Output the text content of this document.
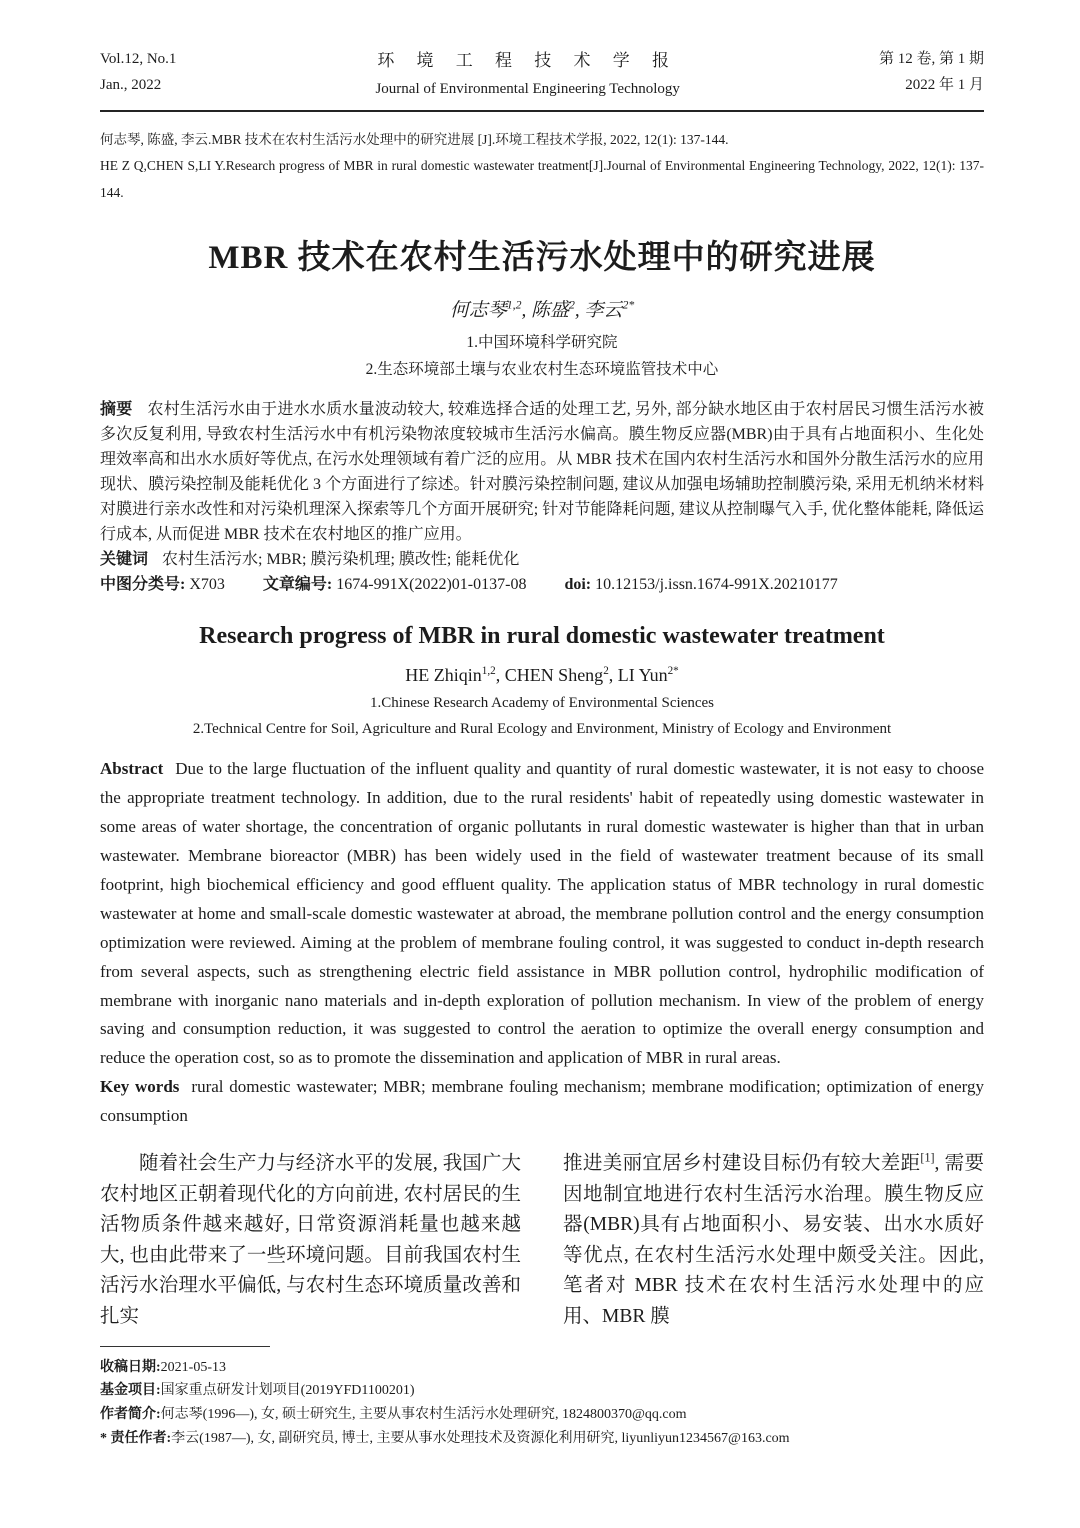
Vol.12, No.1
Jan., 2022
环 境 工 程 技 术 学 报
Journal of Environmental Engineering Technology
第 12 卷, 第 1 期
2022 年 1 月

何志琴, 陈盛, 李云.MBR 技术在农村生活污水处理中的研究进展 [J].环境工程技术学报, 2022, 12(1): 137-144.

HE Z Q,CHEN S,LI Y.Research progress of MBR in rural domestic wastewater treatment[J].Journal of Environmental Engineering Technology, 2022, 12(1): 137-144.

MBR 技术在农村生活污水处理中的研究进展
何志琴$^{1,2}$, 陈盛$^2$, 李云$^{2*}$
1.中国环境科学研究院
2.生态环境部土壤与农业农村生态环境监管技术中心
摘要 农村生活污水由于进水水质水量波动较大, 较难选择合适的处理工艺, 另外, 部分缺水地区由于农村居民习惯生活污水被多次反复利用, 导致农村生活污水中有机污染物浓度较城市生活污水偏高。膜生物反应器(MBR)由于具有占地面积小、生化处理效率高和出水水质好等优点, 在污水处理领域有着广泛的应用。从 MBR 技术在国内农村生活污水和国外分散生活污水的应用现状、膜污染控制及能耗优化 3 个方面进行了综述。针对膜污染控制问题, 建议从加强电场辅助控制膜污染, 采用无机纳米材料对膜进行亲水改性和对污染机理深入探索等几个方面开展研究; 针对节能降耗问题, 建议从控制曝气入手, 优化整体能耗, 降低运行成本, 从而促进 MBR 技术在农村地区的推广应用。
关键词 农村生活污水; MBR; 膜污染机理; 膜改性; 能耗优化
中图分类号: X703 文章编号: 1674-991X(2022)01-0137-08 doi: 10.12153/j.issn.1674-991X.20210177
Research progress of MBR in rural domestic wastewater treatment
HE Zhiqin$^{1,2}$, CHEN Sheng$^2$, LI Yun$^{2*}$
1.Chinese Research Academy of Environmental Sciences
2.Technical Centre for Soil, Agriculture and Rural Ecology and Environment, Ministry of Ecology and Environment
Abstract Due to the large fluctuation of the influent quality and quantity of rural domestic wastewater, it is not easy to choose the appropriate treatment technology. In addition, due to the rural residents' habit of repeatedly using domestic wastewater in some areas of water shortage, the concentration of organic pollutants in rural domestic wastewater is higher than that in urban wastewater. Membrane bioreactor (MBR) has been widely used in the field of wastewater treatment because of its small footprint, high biochemical efficiency and good effluent quality. The application status of MBR technology in rural domestic wastewater at home and small-scale domestic wastewater at abroad, the membrane pollution control and the energy consumption optimization were reviewed. Aiming at the problem of membrane fouling control, it was suggested to conduct in-depth research from several aspects, such as strengthening electric field assistance in MBR pollution control, hydrophilic modification of membrane with inorganic nano materials and in-depth exploration of pollution mechanism. In view of the problem of energy saving and consumption reduction, it was suggested to control the aeration to optimize the overall energy consumption and reduce the operation cost, so as to promote the dissemination and application of MBR in rural areas.
Key words rural domestic wastewater; MBR; membrane fouling mechanism; membrane modification; optimization of energy consumption

随着社会生产力与经济水平的发展, 我国广大农村地区正朝着现代化的方向前进, 农村居民的生活物质条件越来越好, 日常资源消耗量也越来越大, 也由此带来了一些环境问题。目前我国农村生活污水治理水平偏低, 与农村生态环境质量改善和扎实

推进美丽宜居乡村建设目标仍有较大差距[1], 需要因地制宜地进行农村生活污水治理。膜生物反应器(MBR)具有占地面积小、易安装、出水水质好等优点, 在农村生活污水处理中颇受关注。因此, 笔者对 MBR 技术在农村生活污水处理中的应用、MBR 膜

收稿日期:2021-05-13

基金项目:国家重点研发计划项目(2019YFD1100201)

作者简介:何志琴(1996—), 女, 硕士研究生, 主要从事农村生活污水处理研究, 1824800370@qq.com

* 责任作者:李云(1987—), 女, 副研究员, 博士, 主要从事水处理技术及资源化利用研究, liyunliyun1234567@163.com
